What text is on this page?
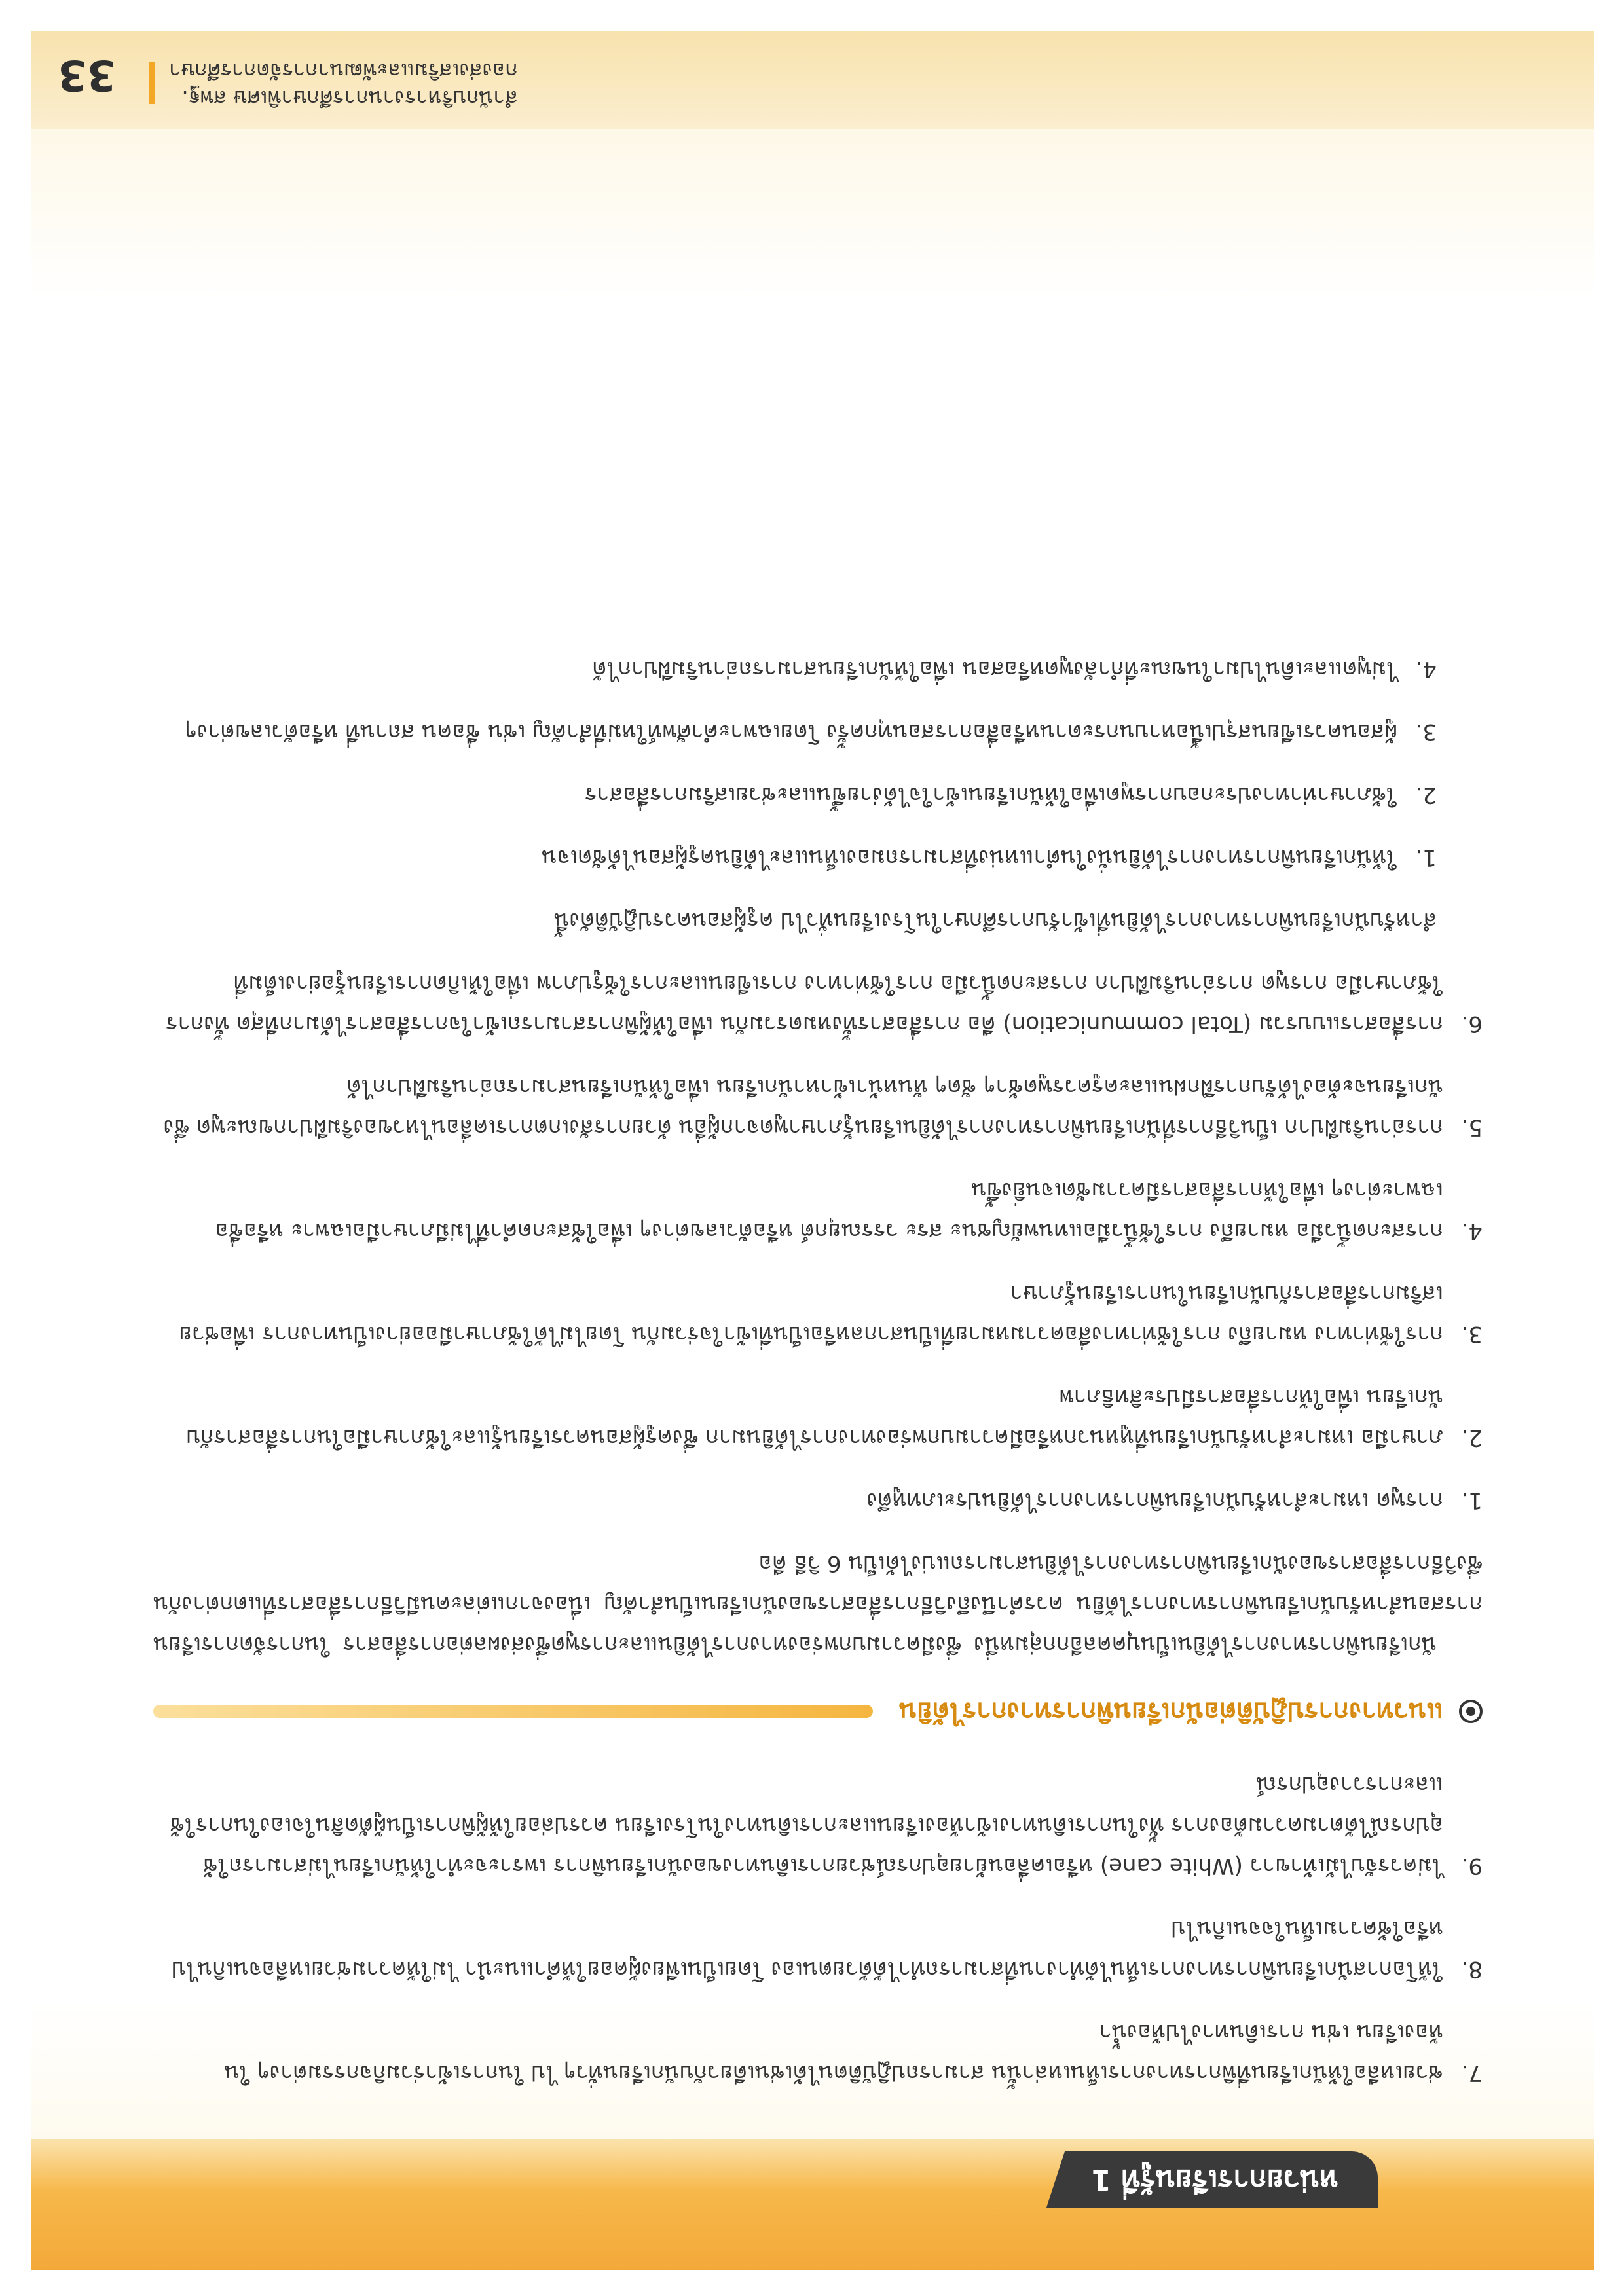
หน่วยการเรียนรู้ที่ 1
7.
ช่วยเหลือให้นักเรียนที่พิการทางการเห็นเหล่านั้น สามารถปฏิบัติตนได้เช่นเดียวกับนักเรียนทั่วๆ ไป ในการเข้าร่วมกิจกรรมต่างๆ ในห้องเรียน เช่น การเดินทางไปห้องน้ำ
8.
ให้โอกาสนักเรียนพิการทางการเห็นได้ทำงานที่สามารถทำได้ด้วยตนเอง โดยเป็นเพียงผู้คอยให้คำแนะนำ ไม่ให้ความช่วยเหลือจนเกินไป หรือใช้ความเห็นใจจนเกินไป
9.
ไม่ควรจับไม้เท้าขาว (White cane) หรือเคลื่อนย้ายอุปกรณ์ช่วยการเดินทางของนักเรียนพิการ เพราะจะทำให้นักเรียนไม่สามารถใช้อุปกรณ์ได้ตามความต้องการ ทั้งในการเดินทางเข้าห้องเรียนและการเดินทางในโรงเรียน ควรปล่อยให้ผู้พิการเป็นผู้ตัดสินใจเองในการใช้และการวางอุปกรณ์
แนวทางการปฏิบัติต่อนักเรียนพิการทางการได้ยิน

นักเรียนพิการทางการได้ยินเป็นบุคคลอีกกลุ่มหนึ่ง ซึ่งมีความบกพร่องทางการได้ยินและการพูดซึ่งส่งผลต่อการสื่อสาร ในการจัดการเรียนการสอนสำหรับนักเรียนพิการทางการได้ยิน ควรคำนึงถึงวิธีการสื่อสารของนักเรียนเป็นสำคัญ เนื่องจากแต่ละคนมีวิธีการสื่อสารที่แตกต่างกัน ซึ่งวิธีการสื่อสารของนักเรียนพิการทางการได้ยินสามารถแบ่งได้เป็น 6 วิธี คือ

1.
การพูด เหมาะสำหรับนักเรียนพิการทางการได้ยินประเภทหูตึง
2.
ภาษามือ เหมาะสำหรับนักเรียนที่หูหนวกหรือมีความบกพร่องทางการได้ยินมาก ซึ่งครูผู้สอนควรเรียนรู้และใช้ภาษามือในการสื่อสารกับนักเรียน เพื่อให้การสื่อสารมีประสิทธิภาพ
3.
การใช้ท่าทาง หมายถึง การใช้ท่าทางสื่อความหมายที่เป็นสากลหรือเป็นที่เข้าใจร่วมกัน โดยไม่ได้ใช้ภาษามืออย่างเป็นทางการ เพื่อช่วยเสริมการสื่อสารกับนักเรียนในการเรียนรู้ภาษา
4.
การสะกดนิ้วมือ หมายถึง การใช้นิ้วมือแทนพยัญชนะ สระ วรรณยุกต์ หรือตัวเลขต่างๆ เพื่อใช้สะกดคำที่ไม่มีภาษามือเฉพาะ หรือชื่อเฉพาะต่างๆ เพื่อให้การสื่อสารมีความชัดเจนยิ่งขึ้น
5.
การอ่านริมฝีปาก เป็นวิธีการที่นักเรียนพิการทางการได้ยินเรียนรู้ภาษาพูดจากผู้อื่น ด้วยการสังเกตการเคลื่อนไหวของริมฝีปากขณะพูด ซึ่งนักเรียนจะต้องได้รับการฝึกฝนและครูควรพูดช้าๆ ชัดๆ หันหน้าเข้าหานักเรียน เพื่อให้นักเรียนสามารถอ่านริมฝีปากได้
6.
การสื่อสารแบบรวม (Total communication) คือ การสื่อสารทั้งหมดรวมกัน เพื่อให้ผู้พิการสามารถเข้าใจการสื่อสารได้มากที่สุด ทั้งการใช้ภาษามือ การพูด การอ่านริมฝีปาก การสะกดนิ้วมือ การใช้ท่าทาง การเขียนและการใช้รูปภาพ เพื่อให้เกิดการเรียนรู้อย่างเต็มที่

สำหรับนักเรียนพิการทางการได้ยินที่เข้ารับการศึกษาในโรงเรียนทั่วไป ครูผู้สอนควรปฏิบัติดังนี้

1.
ให้นักเรียนพิการทางการได้ยินนั่งในตำแหน่งที่สามารถมองเห็นและได้ยินครูผู้สอนได้ชัดเจน
2.
ใช้ภาษาท่าทางประกอบการพูดเพื่อให้นักเรียนเข้าใจได้ง่ายขึ้นและช่วยเสริมการสื่อสาร
3.
ผู้สอนควรเขียนสรุปเนื้อหาบนกระดานหรือสื่อการสอนทุกครั้ง โดยเฉพาะคำศัพท์ใหม่ที่สำคัญ เช่น ชื่อคน สถานที่ หรือตัวเลขต่างๆ
4.
ไม่พูดและเดินไปมาในขณะที่กำลังพูดหรือสอน เพื่อให้นักเรียนสามารถอ่านริมฝีปากได้
สำนักบริหารงานการศึกษาพิเศษ สพฐ.
กองส่งเสริมและพัฒนาการจัดการศึกษา
33
